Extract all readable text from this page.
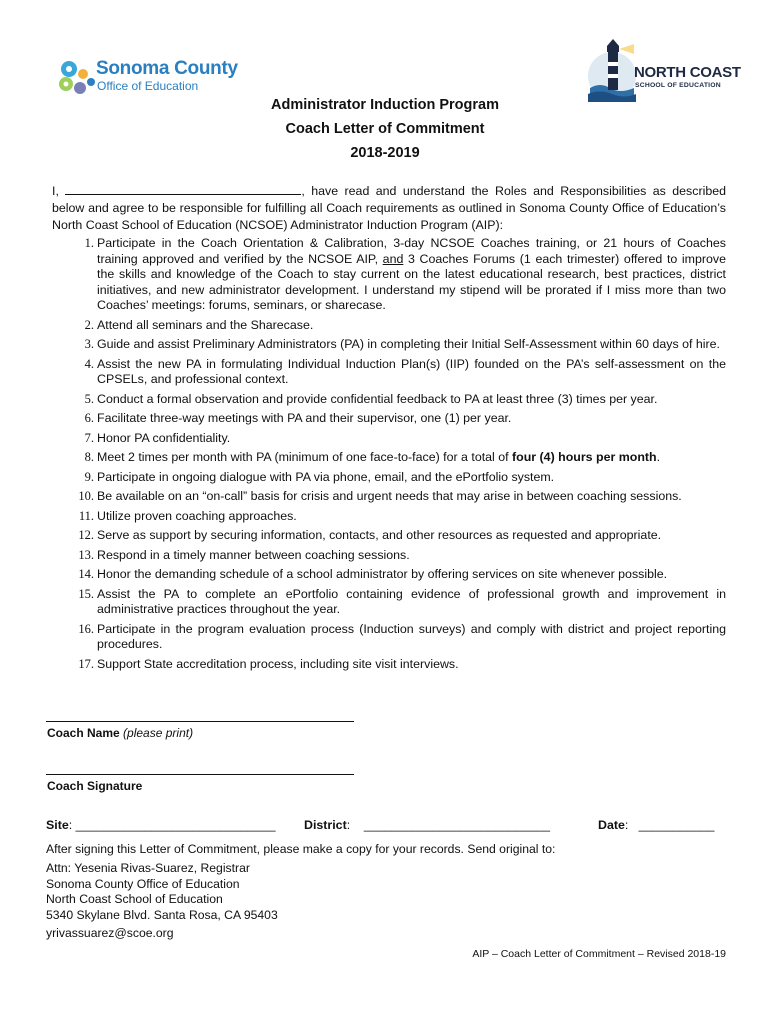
Sonoma County
Office of Education
NORTH COAST
SCHOOL OF EDUCATION
Administrator Induction Program
Coach Letter of Commitment
2018-2019
I,	, have read and understand the Roles and Responsibilities as described below and agree to be responsible for fulfilling all Coach requirements as outlined in Sonoma County Office of Education’s North Coast School of Education (NCSOE) Administrator Induction Program (AIP):
1. Participate in the Coach Orientation & Calibration, 3-day NCSOE Coaches training, or 21 hours of Coaches training approved and verified by the NCSOE AIP, and 3 Coaches Forums (1 each trimester) offered to improve the skills and knowledge of the Coach to stay current on the latest educational research, best practices, district initiatives, and new administrator development. I understand my stipend will be prorated if I miss more than two Coaches’ meetings: forums, seminars, or sharecase.
2. Attend all seminars and the Sharecase.
3. Guide and assist Preliminary Administrators (PA) in completing their Initial Self-Assessment within 60 days of hire.
4. Assist the new PA in formulating Individual Induction Plan(s) (IIP) founded on the PA’s self-assessment on the CPSELs, and professional context.
5. Conduct a formal observation and provide confidential feedback to PA at least three (3) times per year.
6. Facilitate three-way meetings with PA and their supervisor, one (1) per year.
7. Honor PA confidentiality.
8. Meet 2 times per month with PA (minimum of one face-to-face) for a total of four (4) hours per month.
9. Participate in ongoing dialogue with PA via phone, email, and the ePortfolio system.
10. Be available on an “on-call” basis for crisis and urgent needs that may arise in between coaching sessions.
11. Utilize proven coaching approaches.
12. Serve as support by securing information, contacts, and other resources as requested and appropriate.
13. Respond in a timely manner between coaching sessions.
14. Honor the demanding schedule of a school administrator by offering services on site whenever possible.
15. Assist the PA to complete an ePortfolio containing evidence of professional growth and improvement in administrative practices throughout the year.
16. Participate in the program evaluation process (Induction surveys) and comply with district and project reporting procedures.
17. Support State accreditation process, including site visit interviews.
Coach Name (please print)
Coach Signature
Site: _____________________________ District:    ___________________________	Date:   ___________
After signing this Letter of Commitment, please make a copy for your records. Send original to:
Attn: Yesenia Rivas-Suarez, Registrar
Sonoma County Office of Education
North Coast School of Education
5340 Skylane Blvd. Santa Rosa, CA 95403
yrivassuarez@scoe.org
AIP – Coach Letter of Commitment – Revised 2018-19
